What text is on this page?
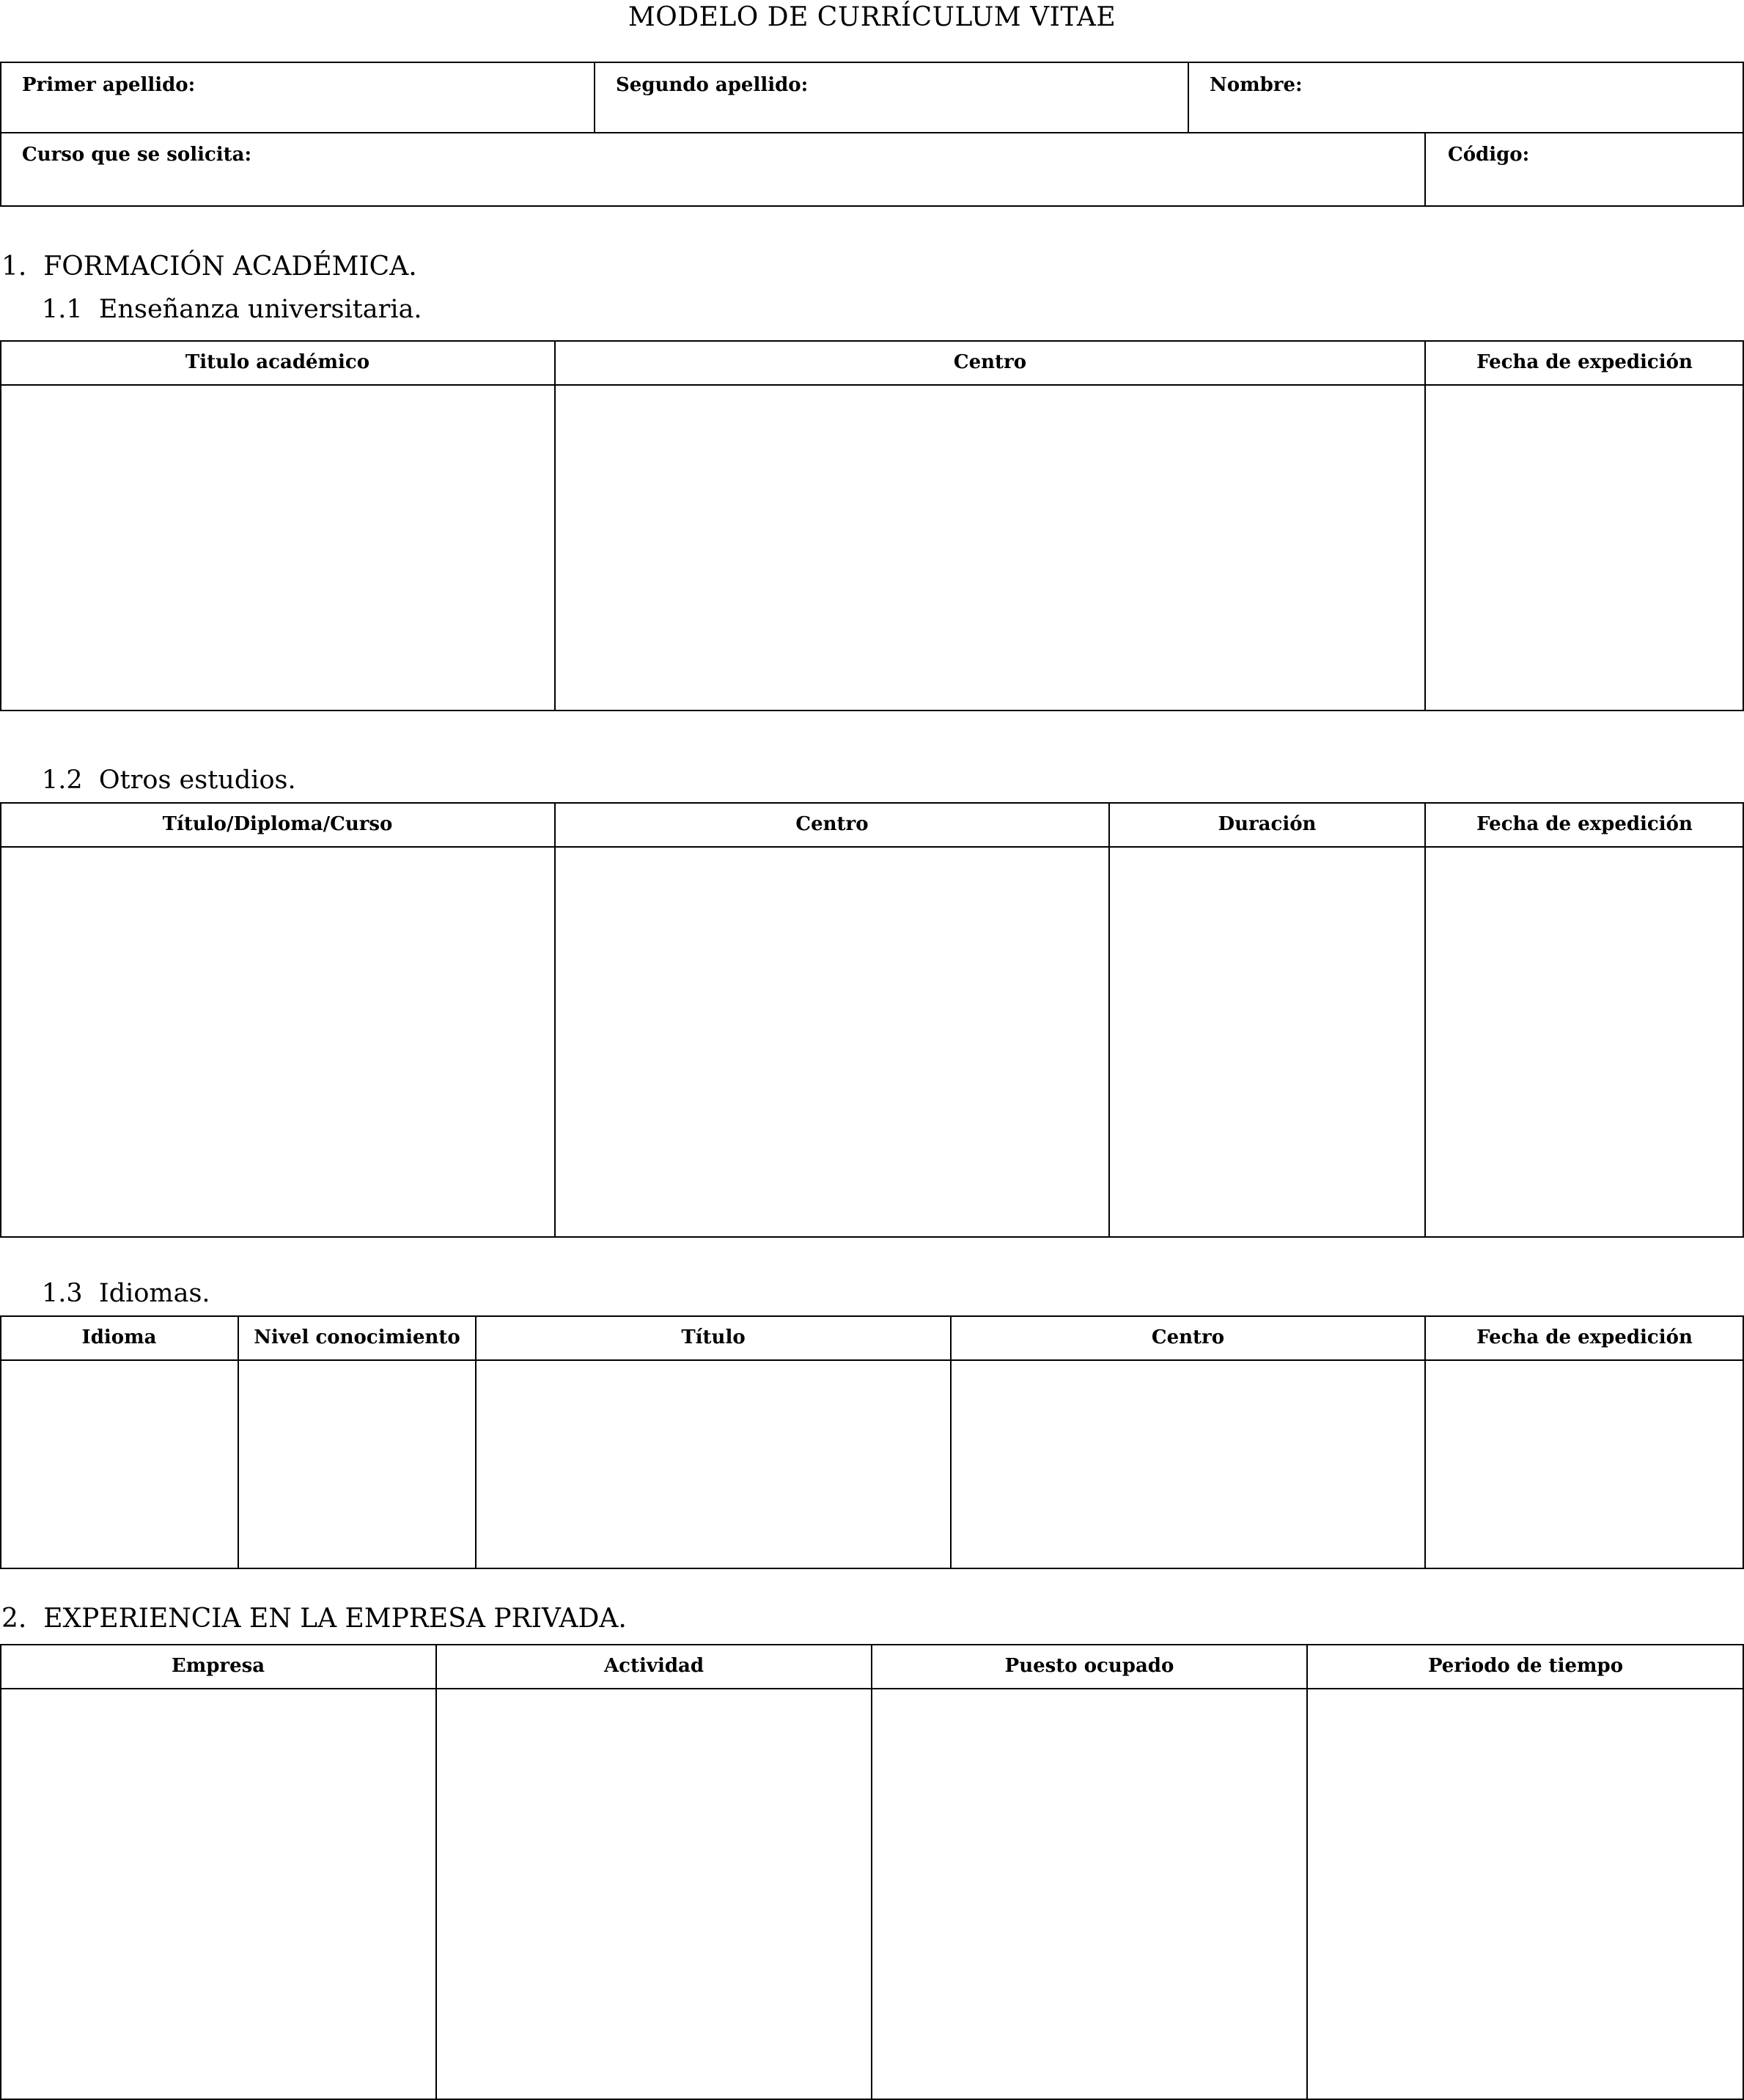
MODELO DE CURRÍCULUM VITAE
Primer apellido:	Segundo apellido:	Nombre:
Curso que se solicita:	Código:
1.  FORMACIÓN ACADÉMICA.
1.1  Enseñanza universitaria.
Titulo académico	Centro	Fecha de expedición
1.2  Otros estudios.
Título/Diploma/Curso	Centro	Duración	Fecha de expedición
1.3  Idiomas.
Idioma	Nivel conocimiento	Título	Centro	Fecha de expedición
2.  EXPERIENCIA EN LA EMPRESA PRIVADA.
Empresa	Actividad	Puesto ocupado	Periodo de tiempo
